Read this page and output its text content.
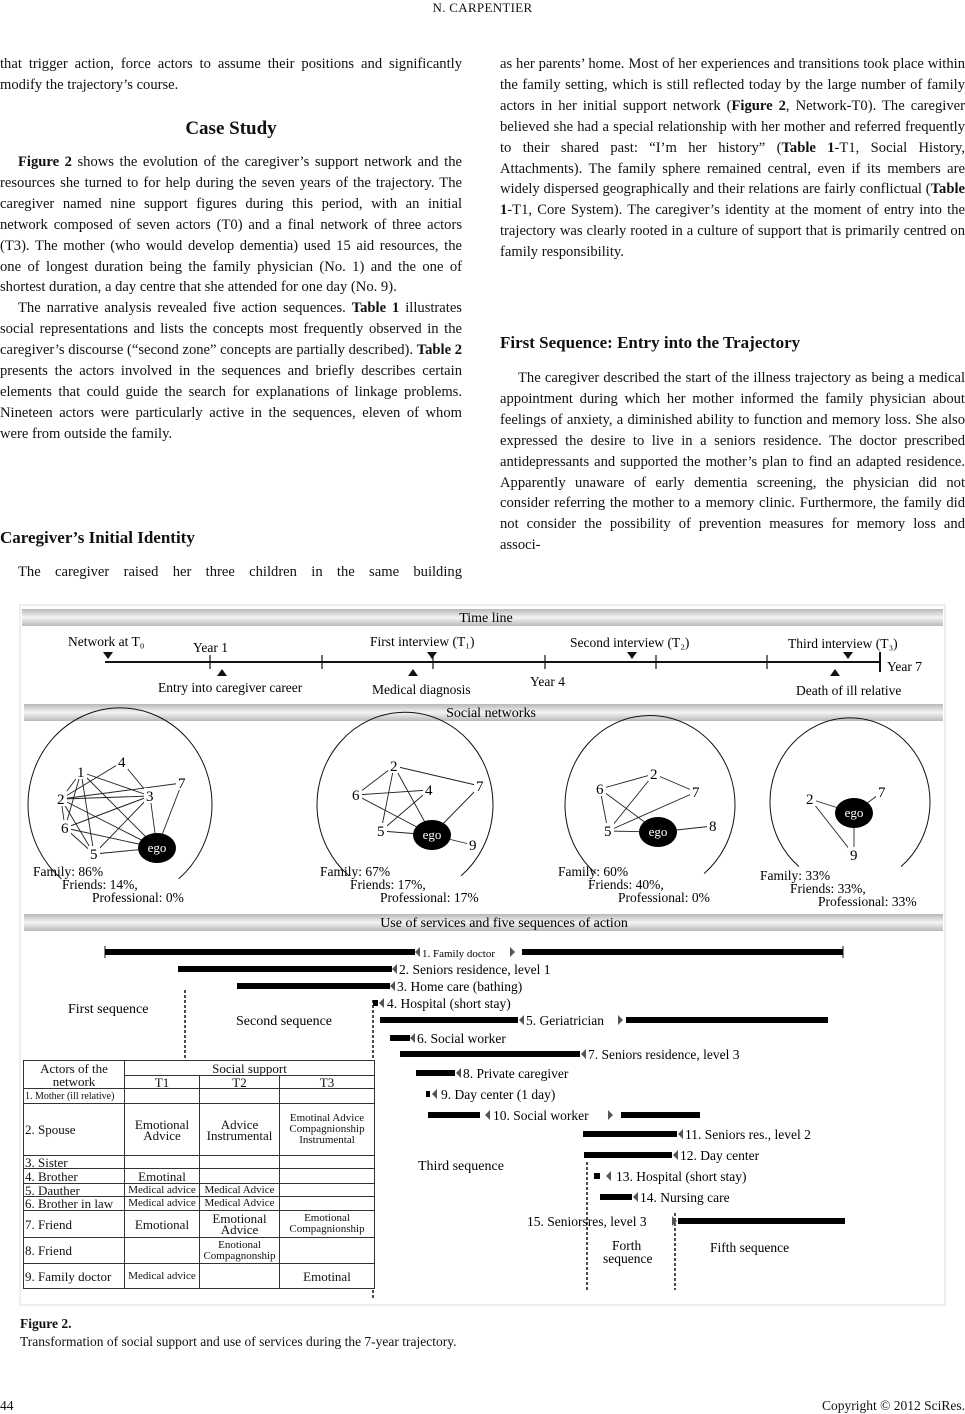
N. CARPENTIER

that trigger action, force actors to assume their positions and significantly modify the trajectory’s course.

Case Study

Figure 2 shows the evolution of the caregiver’s support network and the resources she turned to for help during the seven years of the trajectory. The caregiver named nine support figures during this period, with an initial network composed of seven actors (T0) and a final network of three actors (T3). The mother (who would develop dementia) used 15 aid resources, the one of longest duration being the family physician (No. 1) and the one of shortest duration, a day centre that she attended for one day (No. 9).

The narrative analysis revealed five action sequences. Table 1 illustrates social representations and lists the concepts most frequently observed in the caregiver’s discourse (“second zone” concepts are partially described). Table 2 presents the actors involved in the sequences and briefly describes certain elements that could guide the search for explanations of linkage problems. Nineteen actors were particularly active in the sequences, eleven of whom were from outside the family.

Caregiver’s Initial Identity

The caregiver raised her three children in the same building

as her parents’ home. Most of her experiences and transitions took place within the family setting, which is still reflected today by the large number of family actors in her initial support network (Figure 2, Network-T0). The caregiver believed she had a special relationship with her mother and referred frequently to their shared past: “I’m her history” (Table 1-T1, Social History, Attachments). The family sphere remained central, even if its members are widely dispersed geographically and their relations are fairly conflictual (Table 1-T1, Core System). The caregiver’s identity at the moment of entry into the trajectory was clearly rooted in a culture of support that is primarily centred on family responsibility.

First Sequence: Entry into the Trajectory

The caregiver described the start of the illness trajectory as being a medical appointment during which her mother informed the family physician about feelings of anxiety, a diminished ability to function and memory loss. She also expressed the desire to live in a seniors residence. The doctor prescribed antidepressants and supported the mother’s plan to find an adapted residence. Apparently unaware of early dementia screening, the physician did not consider referring the mother to a memory clinic. Furthermore, the family did not consider the possibility of prevention measures for memory loss and associ-

Time line
Social networks
Use of services and five sequences of action
Network at T₀	Year 1	First interview (T₁)	Second interview (T₂)	Third interview (T₃)
Entry into caregiver career	Medical diagnosis
Year 4
Death of ill relative
Year 7
1
2	3
4
5
6
7
ego
Family: 86%
Friends: 14%,
Professional: 0%
2
4
5
6
7
9
ego
Family: 67%
Friends: 17%,
Professional: 17%
2
5
6	7
8
ego
Family: 60%
Friends: 40%,
Professional: 0%
2	7
9
ego
Family: 33%
Friends: 33%,
Professional: 33%
1. Family doctor
2. Seniors residence, level 1
3. Home care (bathing)
4. Hospital (short stay)
5. Geriatrician
6. Social worker
7. Seniors residence, level 3
8. Private caregiver
9. Day center (1 day)
10. Social worker
11. Seniors res., level 2
12. Day center
13. Hospital (short stay)
14. Nursing care
15. Seniorsres, level 3
First sequence
Second sequence
Third sequence
Forth
sequence
Fifth sequence
Actors of the
network	Social support		
	T1	T2	T3
1. Mother (ill relative)			
2. Spouse	Emotional Advice	Advice Instrumental	Emotinal Advice Compagnionship Instrumental
3. Sister			
4. Brother	Emotinal		
5. Dauther	Medical advice	Medical Advice	
6. Brother in law	Medical advice	Medical Advice	
7. Friend	Emotional	Emotional Advice	Emotional Compagnionship
8. Friend		Enotional Compagnonship	
9. Family doctor	Medical advice		Emotinal
Figure 2.
Transformation of social support and use of services during the 7-year trajectory.
44	Copyright © 2012 SciRes.
